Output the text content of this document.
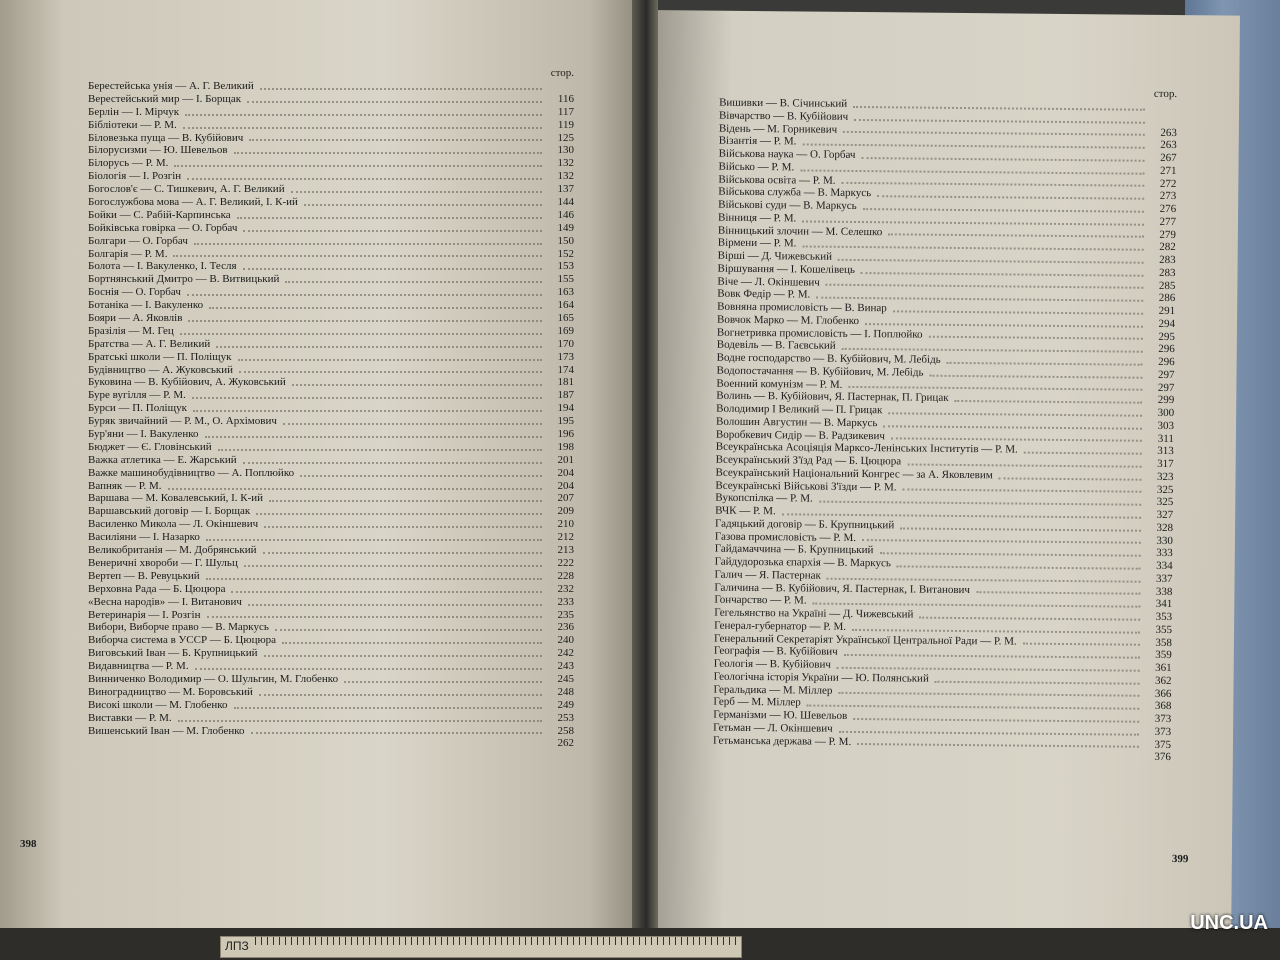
стор.
Берестейська унія — А. Г. Великий
Верестейський мир — І. Борщак	116
Берлін — І. Мірчук	117
Бібліотеки — Р. М.	119
Біловезька пуща — В. Кубійович	125
Білорусизми — Ю. Шевельов	130
Білорусь — Р. М.	132
Біологія — І. Розгін	132
Богослов'є — С. Тишкевич, А. Г. Великий	137
Богослужбова мова — А. Г. Великий, І. К-ий	144
Бойки — С. Рабій-Карпинська	146
Бойківська говірка — О. Горбач	149
Болгари — О. Горбач	150
Болгарія — Р. М.	152
Болота — І. Вакуленко, І. Тесля	153
Бортнянський Дмитро — В. Витвицький	155
Боснія — О. Горбач	163
Ботаніка — І. Вакуленко	164
Бояри — А. Яковлів	165
Бразілія — М. Гец	169
Братства — А. Г. Великий	170
Братські школи — П. Поліщук	173
Будівництво — А. Жуковський	174
Буковина — В. Кубійович, А. Жуковський	181
Буре вугілля — Р. М.	187
Бурси — П. Поліщук	194
Буряк звичайний — Р. М., О. Архімович	195
Бур'яни — І. Вакуленко	196
Бюджет — Є. Гловінський	198
Важка атлетика — Е. Жарський	201
Важке машинобудівництво — А. Поплюйко	204
Вапняк — Р. М.	204
Варшава — М. Ковалевський, І. К-ий	207
Варшавський договір — І. Борщак	209
Василенко Микола — Л. Окіншевич	210
Василіяни — І. Назарко	212
Великобританія — М. Добрянський	213
Венеричні хвороби — Г. Шульц	222
Вертеп — В. Ревуцький	228
Верховна Рада — Б. Цюцюра	232
«Весна народів» — І. Витанович	233
Ветеринарія — І. Розгін	235
Вибори, Виборче право — В. Маркусь	236
Виборча система в УССР — Б. Цюцюра	240
Виговський Іван — Б. Крупницький	242
Видавництва — Р. М.	243
Винниченко Володимир — О. Шульгин, М. Глобенко	245
Виноградництво — М. Боровський	248
Високі школи — М. Глобенко	249
Виставки — Р. М.	253
Вишенський Іван — М. Глобенко	258
262
398
стор.
Вишивки — В. Січинський
Вівчарство — В. Кубійович
Відень — М. Горникевич	263
Візантія — Р. М.	263
Військова наука — О. Горбач	267
Військо — Р. М.	271
Військова освіта — Р. М.	272
Військова служба — В. Маркусь	273
Військові суди — В. Маркусь	276
Вінниця — Р. М.	277
Вінницький злочин — М. Селешко	279
Вірмени — Р. М.	282
Вірші — Д. Чижевський	283
Віршування — І. Кошелівець	283
Віче — Л. Окіншевич	285
Вовк Федір — Р. М.	286
Вовняна промисловість — В. Винар	291
Вовчок Марко — М. Глобенко	294
Вогнетривка промисловість — І. Поплюйко	295
Водевіль — В. Гаєвський	296
Водне господарство — В. Кубійович, М. Лебідь	296
Водопостачання — В. Кубійович, М. Лебідь	297
Военний комунізм — Р. М.	297
Волинь — В. Кубійович, Я. Пастернак, П. Грицак	299
Володимир I Великий — П. Грицак	300
Волошин Августин — В. Маркусь	303
Воробкевич Сидір — В. Радзикевич	311
Всеукраїнська Асоціяція Марксо-Ленінських Інститутів — Р. М.	313
Всеукраїнський З'їзд Рад — Б. Цюцюра	317
Всеукраїнський Національний Конгрес — за А. Яковлевим	323
Всеукраїнські Військові З'їзди — Р. М.	325
Вукопспілка — Р. М.	325
ВЧК — Р. М.	327
Гадяцький договір — Б. Крупницький	328
Газова промисловість — Р. М.	330
Гайдамаччина — Б. Крупницький	333
Гайдудорозька єпархія — В. Маркусь	334
Галич — Я. Пастернак	337
Галичина — В. Кубійович, Я. Пастернак, І. Витанович	338
Гончарство — Р. М.	341
Гегельянство на Україні — Д. Чижевський	353
Генерал-губернатор — Р. М.	355
Генеральний Секретаріят Української Центральної Ради — Р. М.	358
Географія — В. Кубійович	359
Геологія — В. Кубійович	361
Геологічна історія України — Ю. Полянський	362
Геральдика — М. Міллер	366
Герб — М. Міллер	368
Германізми — Ю. Шевельов	373
Гетьман — Л. Окіншевич	373
Гетьманська держава — Р. М.	375
376
399
ЛПЗ
UNC.UA
